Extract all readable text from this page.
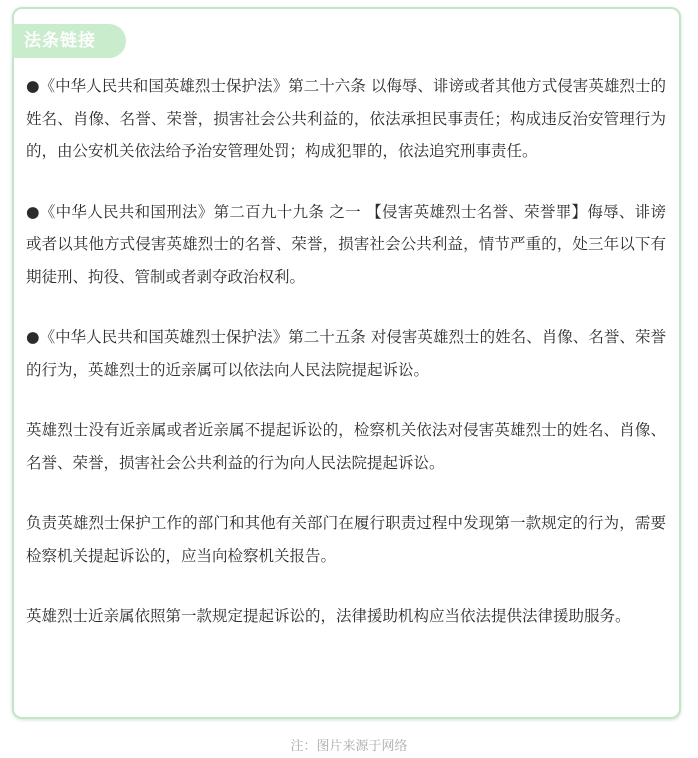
法条链接

●《中华人民共和国英雄烈士保护法》第二十六条 以侮辱、诽谤或者其他方式侵害英雄烈士的姓名、肖像、名誉、荣誉，损害社会公共利益的，依法承担民事责任；构成违反治安管理行为的，由公安机关依法给予治安管理处罚；构成犯罪的，依法追究刑事责任。

●《中华人民共和国刑法》第二百九十九条 之一 【侵害英雄烈士名誉、荣誉罪】侮辱、诽谤或者以其他方式侵害英雄烈士的名誉、荣誉，损害社会公共利益，情节严重的，处三年以下有期徒刑、拘役、管制或者剥夺政治权利。

●《中华人民共和国英雄烈士保护法》第二十五条 对侵害英雄烈士的姓名、肖像、名誉、荣誉的行为，英雄烈士的近亲属可以依法向人民法院提起诉讼。

英雄烈士没有近亲属或者近亲属不提起诉讼的，检察机关依法对侵害英雄烈士的姓名、肖像、名誉、荣誉，损害社会公共利益的行为向人民法院提起诉讼。

负责英雄烈士保护工作的部门和其他有关部门在履行职责过程中发现第一款规定的行为，需要检察机关提起诉讼的，应当向检察机关报告。

英雄烈士近亲属依照第一款规定提起诉讼的，法律援助机构应当依法提供法律援助服务。

注：图片来源于网络
